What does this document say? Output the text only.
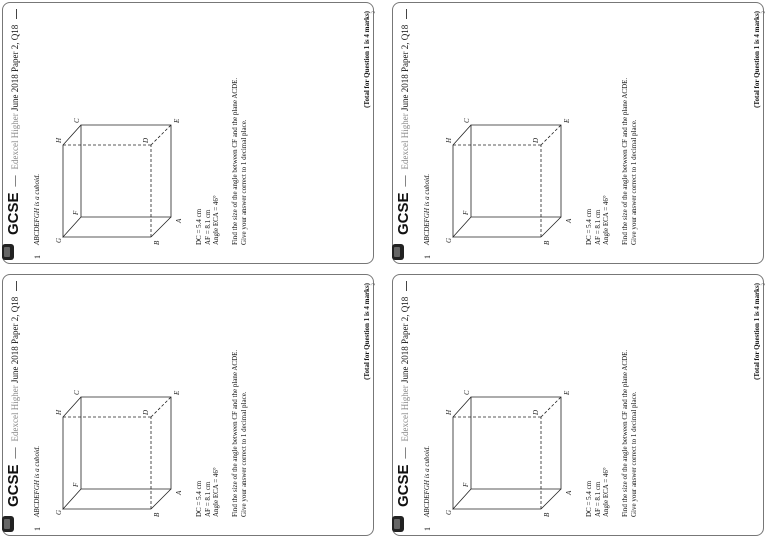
GCSE
—
Edexcel Higher June 2018 Paper 2, Q18
1
ABCDEFGH is a cuboid. G
F
H
C
B
A
D
E
DC = 5.4 cm AF = 8.1 cm Angle ECA = 46° Find the size of the angle between CF and the plane ACDE. Give your answer correct to 1 decimal place.
(Total for Question 1 is 4 marks) 2
GCSE
—
Edexcel Higher June 2018 Paper 2, Q18
1
ABCDEFGH is a cuboid. G
F
H
C
B
A
D
E
DC = 5.4 cm AF = 8.1 cm Angle ECA = 46° Find the size of the angle between CF and the plane ACDE. Give your answer correct to 1 decimal place.
(Total for Question 1 is 4 marks) 2
GCSE
—
Edexcel Higher June 2018 Paper 2, Q18
1
ABCDEFGH is a cuboid. G
F
H
C
B
A
D
E
DC = 5.4 cm AF = 8.1 cm Angle ECA = 46° Find the size of the angle between CF and the plane ACDE. Give your answer correct to 1 decimal place.
(Total for Question 1 is 4 marks) 2
GCSE
—
Edexcel Higher June 2018 Paper 2, Q18
1
ABCDEFGH is a cuboid. G
F
H
C
B
A
D
E
DC = 5.4 cm AF = 8.1 cm Angle ECA = 46° Find the size of the angle between CF and the plane ACDE. Give your answer correct to 1 decimal place.
(Total for Question 1 is 4 marks) 2
